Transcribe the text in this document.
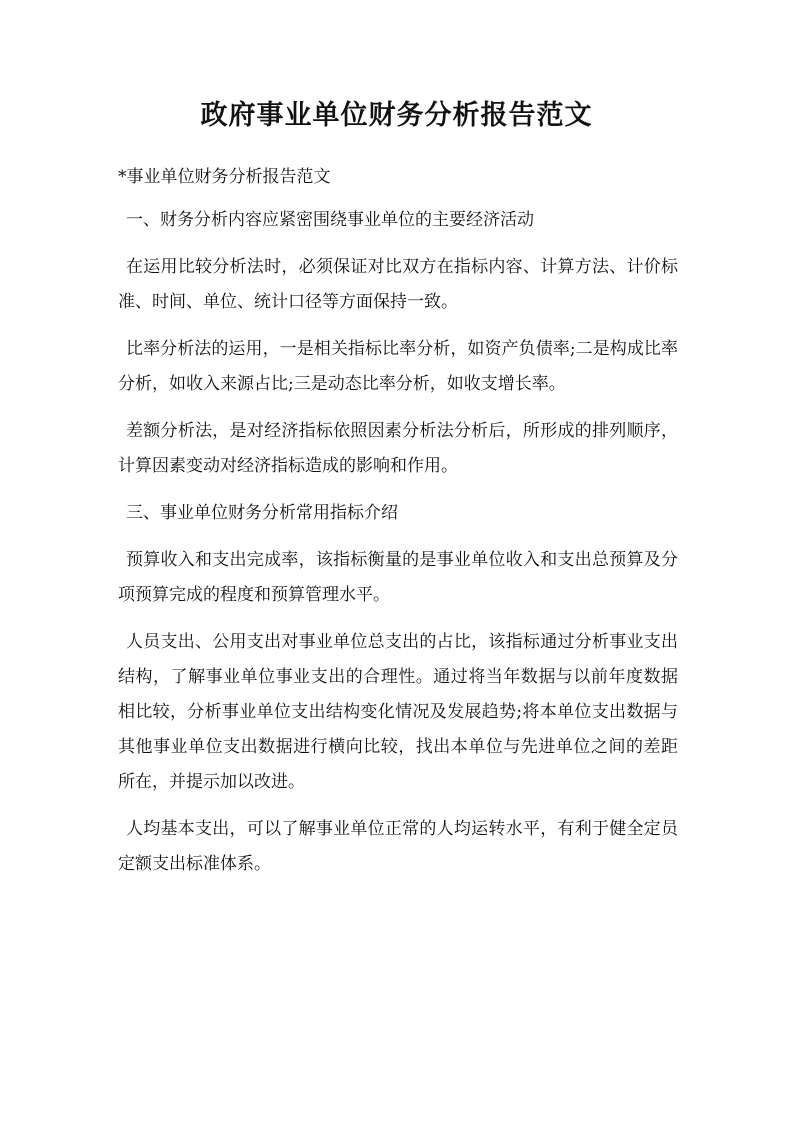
政府事业单位财务分析报告范文

*事业单位财务分析报告范文

一、财务分析内容应紧密围绕事业单位的主要经济活动

在运用比较分析法时，必须保证对比双方在指标内容、计算方法、计价标准、时间、单位、统计口径等方面保持一致。

比率分析法的运用，一是相关指标比率分析，如资产负债率;二是构成比率分析，如收入来源占比;三是动态比率分析，如收支增长率。

差额分析法，是对经济指标依照因素分析法分析后，所形成的排列顺序，计算因素变动对经济指标造成的影响和作用。

三、事业单位财务分析常用指标介绍

预算收入和支出完成率，该指标衡量的是事业单位收入和支出总预算及分项预算完成的程度和预算管理水平。

人员支出、公用支出对事业单位总支出的占比，该指标通过分析事业支出结构，了解事业单位事业支出的合理性。通过将当年数据与以前年度数据相比较，分析事业单位支出结构变化情况及发展趋势;将本单位支出数据与其他事业单位支出数据进行横向比较，找出本单位与先进单位之间的差距所在，并提示加以改进。

人均基本支出，可以了解事业单位正常的人均运转水平，有利于健全定员定额支出标准体系。
